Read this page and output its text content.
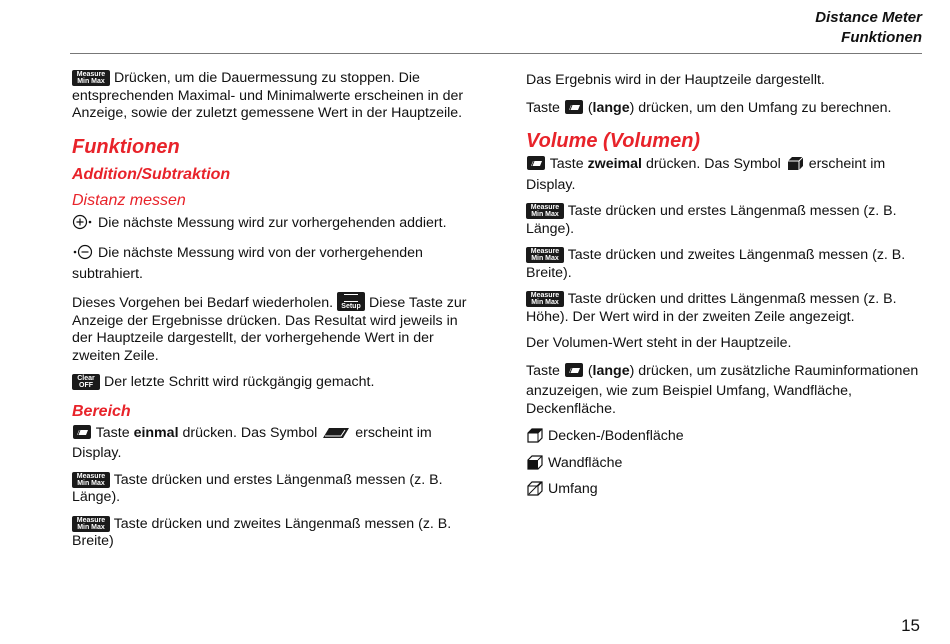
Distance Meter
Funktionen

Measure
Min Max Drücken, um die Dauermessung zu stoppen. Die entsprechenden Maximal- und Minimalwerte erscheinen in der Anzeige, sowie der zuletzt gemessene Wert in der Hauptzeile.

Funktionen
Addition/Subtraktion
Distanz messen

Die nächste Messung wird zur vorhergehenden addiert.

Die nächste Messung wird von der vorhergehenden subtrahiert.

Dieses Vorgehen bei Bedarf wiederholen. Setup Diese Taste zur Anzeige der Ergebnisse drücken. Das Resultat wird jeweils in der Hauptzeile dargestellt, der vorhergehende Wert in der zweiten Zeile.

Clear
OFF Der letzte Schritt wird rückgängig gemacht.

Bereich

Taste einmal drücken. Das Symbol	erscheint im Display.

Measure
Min Max Taste drücken und erstes Längenmaß messen (z. B. Länge).

Measure
Min Max Taste drücken und zweites Längenmaß messen (z. B. Breite)

Das Ergebnis wird in der Hauptzeile dargestellt.

Taste  (lange) drücken, um den Umfang zu berechnen.

Volume (Volumen)

Taste zweimal drücken. Das Symbol erscheint im Display.

Measure
Min Max Taste drücken und erstes Längenmaß messen (z. B. Länge).

Measure
Min Max Taste drücken und zweites Längenmaß messen (z. B. Breite).

Measure
Min Max Taste drücken und drittes Längenmaß messen (z. B. Höhe). Der Wert wird in der zweiten Zeile angezeigt.

Der Volumen-Wert steht in der Hauptzeile.

Taste  (lange) drücken, um zusätzliche Rauminformationen anzuzeigen, wie zum Beispiel Umfang, Wandfläche, Deckenfläche.

Decken-/Bodenfläche
Wandfläche
Umfang
15
